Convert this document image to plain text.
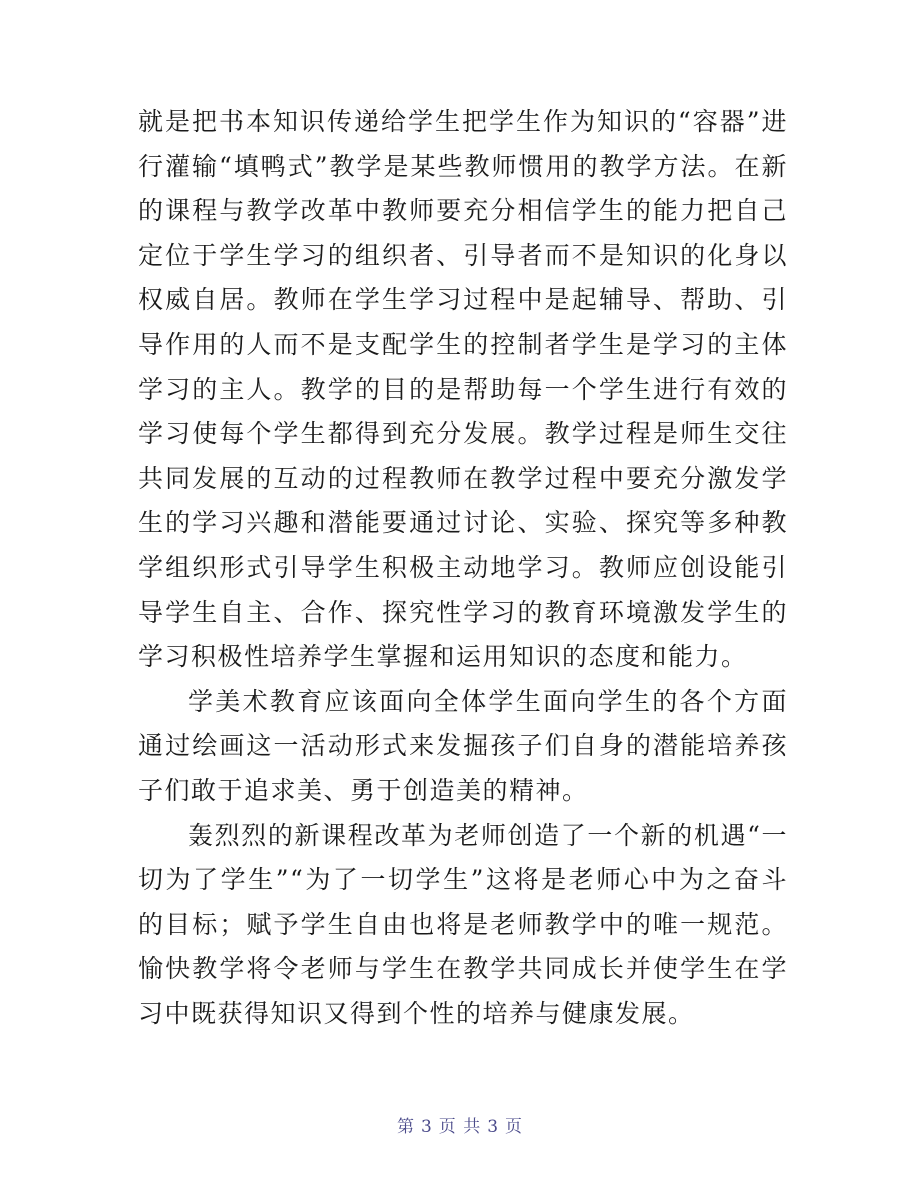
就是把书本知识传递给学生把学生作为知识的“容器”进行灌输“填鸭式”教学是某些教师惯用的教学方法。在新的课程与教学改革中教师要充分相信学生的能力把自己定位于学生学习的组织者、引导者而不是知识的化身以权威自居。教师在学生学习过程中是起辅导、帮助、引导作用的人而不是支配学生的控制者学生是学习的主体学习的主人。教学的目的是帮助每一个学生进行有效的学习使每个学生都得到充分发展。教学过程是师生交往共同发展的互动的过程教师在教学过程中要充分激发学生的学习兴趣和潜能要通过讨论、实验、探究等多种教学组织形式引导学生积极主动地学习。教师应创设能引导学生自主、合作、探究性学习的教育环境激发学生的学习积极性培养学生掌握和运用知识的态度和能力。

学美术教育应该面向全体学生面向学生的各个方面通过绘画这一活动形式来发掘孩子们自身的潜能培养孩子们敢于追求美、勇于创造美的精神。

轰烈烈的新课程改革为老师创造了一个新的机遇“一切为了学生”“为了一切学生”这将是老师心中为之奋斗的目标；赋予学生自由也将是老师教学中的唯一规范。愉快教学将令老师与学生在教学共同成长并使学生在学习中既获得知识又得到个性的培养与健康发展。

第 3 页 共 3 页
